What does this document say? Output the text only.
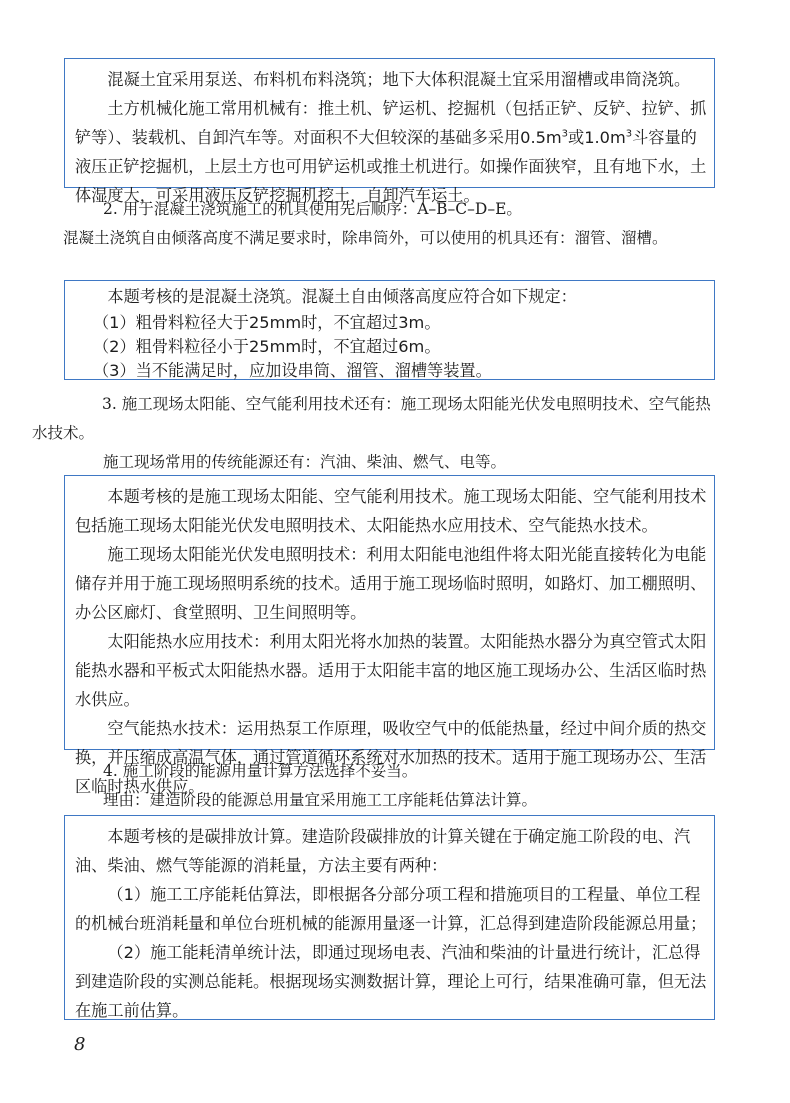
混凝土宜采用泵送、布料机布料浇筑；地下大体积混凝土宜采用溜槽或串筒浇筑。

土方机械化施工常用机械有：推土机、铲运机、挖掘机（包括正铲、反铲、拉铲、抓铲等）、装载机、自卸汽车等。对面积不大但较深的基础多采用$0.5m^3$或$1.0m^3$斗容量的液压正铲挖掘机，上层土方也可用铲运机或推土机进行。如操作面狭窄，且有地下水，土体湿度大，可采用液压反铲挖掘机挖土，自卸汽车运土。

2. 用于混凝土浇筑施工的机具使用先后顺序：A–B–C–D–E。

混凝土浇筑自由倾落高度不满足要求时，除串筒外，可以使用的机具还有：溜管、溜槽。

本题考核的是混凝土浇筑。混凝土自由倾落高度应符合如下规定：

（1）粗骨料粒径大于25mm时，不宜超过3m。

（2）粗骨料粒径小于25mm时，不宜超过6m。

（3）当不能满足时，应加设串筒、溜管、溜槽等装置。

3. 施工现场太阳能、空气能利用技术还有：施工现场太阳能光伏发电照明技术、空气能热水技术。

施工现场常用的传统能源还有：汽油、柴油、燃气、电等。

本题考核的是施工现场太阳能、空气能利用技术。施工现场太阳能、空气能利用技术包括施工现场太阳能光伏发电照明技术、太阳能热水应用技术、空气能热水技术。

施工现场太阳能光伏发电照明技术：利用太阳能电池组件将太阳光能直接转化为电能储存并用于施工现场照明系统的技术。适用于施工现场临时照明，如路灯、加工棚照明、办公区廊灯、食堂照明、卫生间照明等。

太阳能热水应用技术：利用太阳光将水加热的装置。太阳能热水器分为真空管式太阳能热水器和平板式太阳能热水器。适用于太阳能丰富的地区施工现场办公、生活区临时热水供应。

空气能热水技术：运用热泵工作原理，吸收空气中的低能热量，经过中间介质的热交换，并压缩成高温气体，通过管道循环系统对水加热的技术。适用于施工现场办公、生活区临时热水供应。

4. 施工阶段的能源用量计算方法选择不妥当。

理由：建造阶段的能源总用量宜采用施工工序能耗估算法计算。

本题考核的是碳排放计算。建造阶段碳排放的计算关键在于确定施工阶段的电、汽油、柴油、燃气等能源的消耗量，方法主要有两种：

（1）施工工序能耗估算法，即根据各分部分项工程和措施项目的工程量、单位工程的机械台班消耗量和单位台班机械的能源用量逐一计算，汇总得到建造阶段能源总用量；

（2）施工能耗清单统计法，即通过现场电表、汽油和柴油的计量进行统计，汇总得到建造阶段的实测总能耗。根据现场实测数据计算，理论上可行，结果准确可靠，但无法在施工前估算。

8
